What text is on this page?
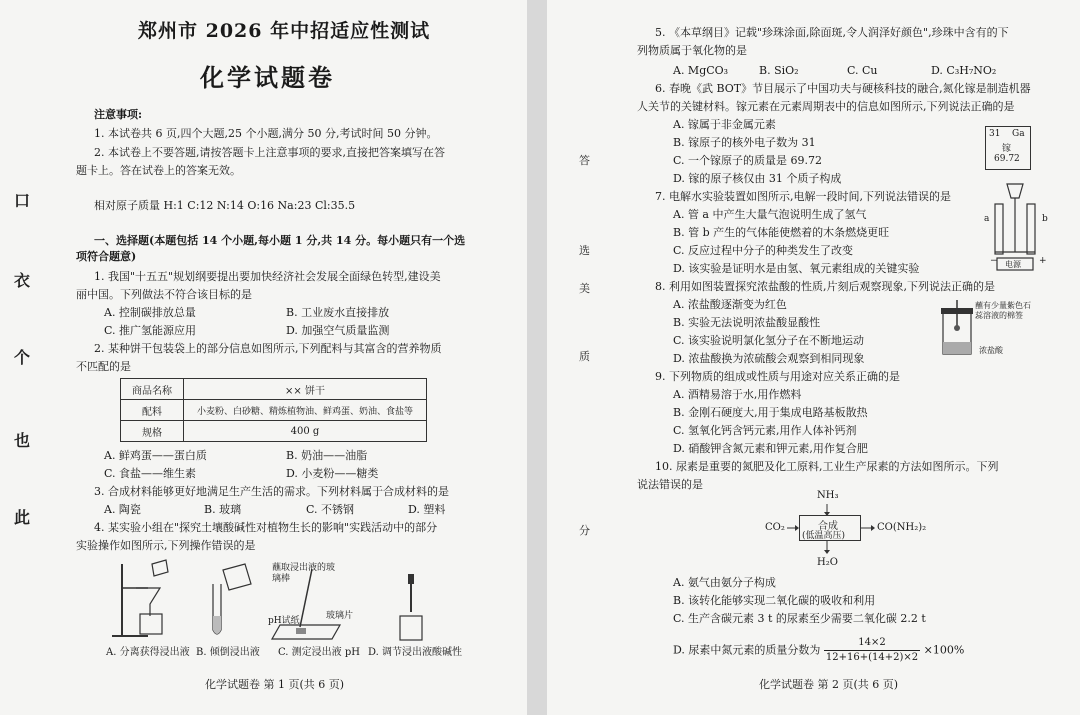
口
衣
个
也
此
郑州市 2026 年中招适应性测试
化学试题卷
注意事项:
1. 本试卷共 6 页,四个大题,25 个小题,满分 50 分,考试时间 50 分钟。
2. 本试卷上不要答题,请按答题卡上注意事项的要求,直接把答案填写在答
题卡上。答在试卷上的答案无效。
相对原子质量 H:1 C:12 N:14 O:16 Na:23 Cl:35.5
一、选择题(本题包括 14 个小题,每小题 1 分,共 14 分。每小题只有一个选
项符合题意)
1. 我国"十五五"规划纲要提出要加快经济社会发展全面绿色转型,建设美
丽中国。下列做法不符合该目标的是
A. 控制碳排放总量	B. 工业废水直接排放
C. 推广氢能源应用	D. 加强空气质量监测
2. 某种饼干包装袋上的部分信息如图所示,下列配料与其富含的营养物质
不匹配的是
商品名称	×× 饼干
配料	小麦粉、白砂糖、精炼植物油、鲜鸡蛋、奶油、食盐等
规格	400 g
A. 鲜鸡蛋——蛋白质	B. 奶油——油脂
C. 食盐——维生素	D. 小麦粉——糖类
3. 合成材料能够更好地满足生产生活的需求。下列材料属于合成材料的是
A. 陶瓷	B. 玻璃	C. 不锈钢	D. 塑料
4. 某实验小组在"探究土壤酸碱性对植物生长的影响"实践活动中的部分
实验操作如图所示,下列操作错误的是
蘸取浸出液的玻璃棒
pH试纸	玻璃片
A. 分离获得浸出液 B. 倾倒浸出液 C. 测定浸出液 pH D. 调节浸出液酸碱性
化学试题卷 第 1 页(共 6 页)
答
选
美
质
分
5. 《本草纲目》记载"珍珠涂面,除面斑,令人润泽好颜色",珍珠中含有的下
列物质属于氧化物的是
A. MgCO₃	B. SiO₂	C. Cu	D. C₃H₇NO₂
6. 春晚《武 BOT》节目展示了中国功夫与硬核科技的融合,氮化镓是制造机器
人关节的关键材料。镓元素在元素周期表中的信息如图所示,下列说法正确的是
A. 镓属于非金属元素
B. 镓原子的核外电子数为 31
C. 一个镓原子的质量是 69.72
D. 镓的原子核仅由 31 个质子构成
31 Ga
镓
69.72
7. 电解水实验装置如图所示,电解一段时间,下列说法错误的是
A. 管 a 中产生大量气泡说明生成了氢气
B. 管 b 产生的气体能使燃着的木条燃烧更旺
C. 反应过程中分子的种类发生了改变
D. 该实验是证明水是由氢、氧元素组成的关键实验
a	b
电源
−	+
8. 利用如图装置探究浓盐酸的性质,片刻后观察现象,下列说法正确的是
A. 浓盐酸逐渐变为红色
B. 实验无法说明浓盐酸显酸性
C. 该实验说明氯化氢分子在不断地运动
D. 浓盐酸换为浓硫酸会观察到相同现象
蘸有少量紫色石
蕊溶液的棉签
浓盐酸
9. 下列物质的组成或性质与用途对应关系正确的是
A. 酒精易溶于水,用作燃料
B. 金刚石硬度大,用于集成电路基板散热
C. 氢氧化钙含钙元素,用作人体补钙剂
D. 硝酸钾含氮元素和钾元素,用作复合肥
10. 尿素是重要的氮肥及化工原料,工业生产尿素的方法如图所示。下列
说法错误的是
NH₃
CO₂	合成
(低温高压)
CO(NH₂)₂
H₂O
A. 氨气由氨分子构成
B. 该转化能够实现二氧化碳的吸收和利用
C. 生产含碳元素 3 t 的尿素至少需要二氧化碳 2.2 t
D. 尿素中氮元素的质量分数为 $\frac{14\times 2}{12+16+(14+2)\times 2} \times 100\%$
化学试题卷 第 2 页(共 6 页)
